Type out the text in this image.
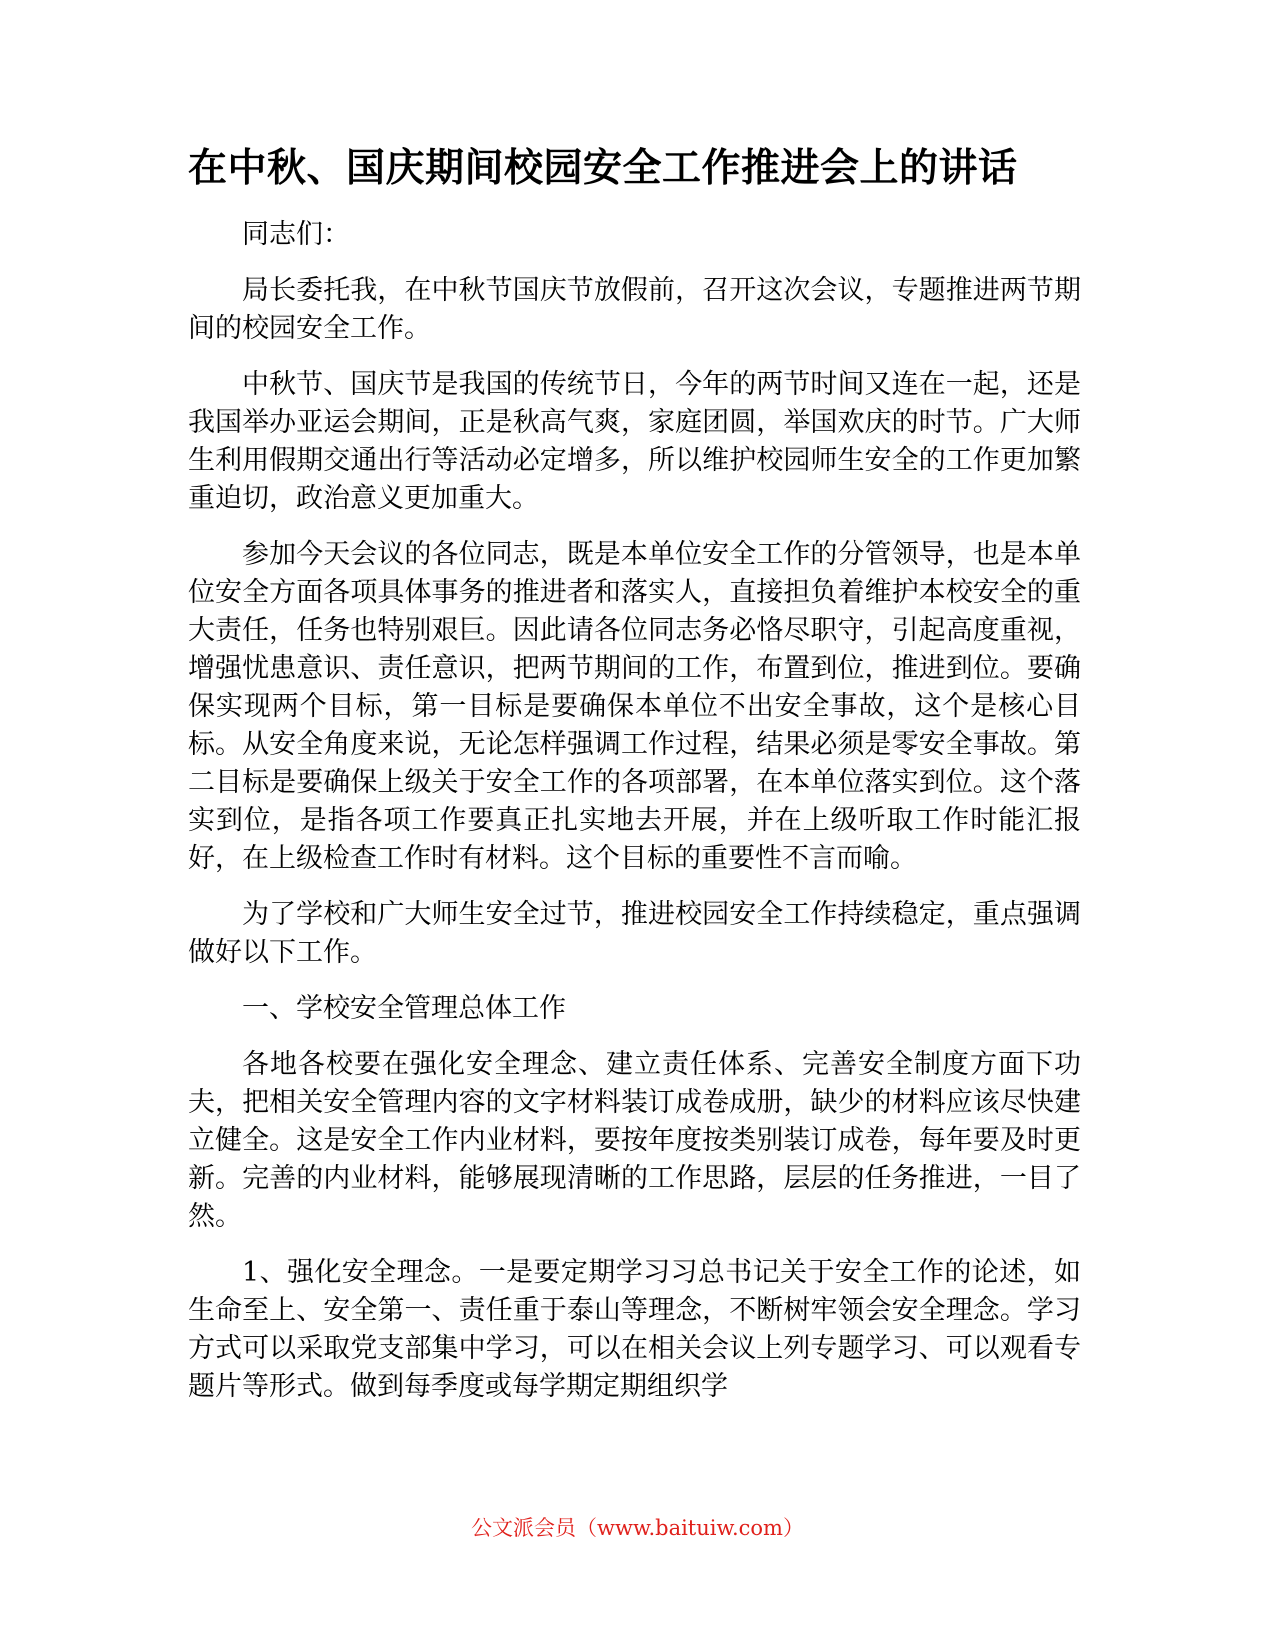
在中秋、国庆期间校园安全工作推进会上的讲话

同志们：

局长委托我，在中秋节国庆节放假前，召开这次会议，专题推进两节期间的校园安全工作。

中秋节、国庆节是我国的传统节日，今年的两节时间又连在一起，还是我国举办亚运会期间，正是秋高气爽，家庭团圆，举国欢庆的时节。广大师生利用假期交通出行等活动必定增多，所以维护校园师生安全的工作更加繁重迫切，政治意义更加重大。

参加今天会议的各位同志，既是本单位安全工作的分管领导，也是本单位安全方面各项具体事务的推进者和落实人，直接担负着维护本校安全的重大责任，任务也特别艰巨。因此请各位同志务必恪尽职守，引起高度重视，增强忧患意识、责任意识，把两节期间的工作，布置到位，推进到位。要确保实现两个目标，第一目标是要确保本单位不出安全事故，这个是核心目标。从安全角度来说，无论怎样强调工作过程，结果必须是零安全事故。第二目标是要确保上级关于安全工作的各项部署，在本单位落实到位。这个落实到位，是指各项工作要真正扎实地去开展，并在上级听取工作时能汇报好，在上级检查工作时有材料。这个目标的重要性不言而喻。

为了学校和广大师生安全过节，推进校园安全工作持续稳定，重点强调做好以下工作。

一、学校安全管理总体工作

各地各校要在强化安全理念、建立责任体系、完善安全制度方面下功夫，把相关安全管理内容的文字材料装订成卷成册，缺少的材料应该尽快建立健全。这是安全工作内业材料，要按年度按类别装订成卷，每年要及时更新。完善的内业材料，能够展现清晰的工作思路，层层的任务推进，一目了然。

1、强化安全理念。一是要定期学习习总书记关于安全工作的论述，如生命至上、安全第一、责任重于泰山等理念，不断树牢领会安全理念。学习方式可以采取党支部集中学习，可以在相关会议上列专题学习、可以观看专题片等形式。做到每季度或每学期定期组织学

公文派会员（www.baituiw.com）
